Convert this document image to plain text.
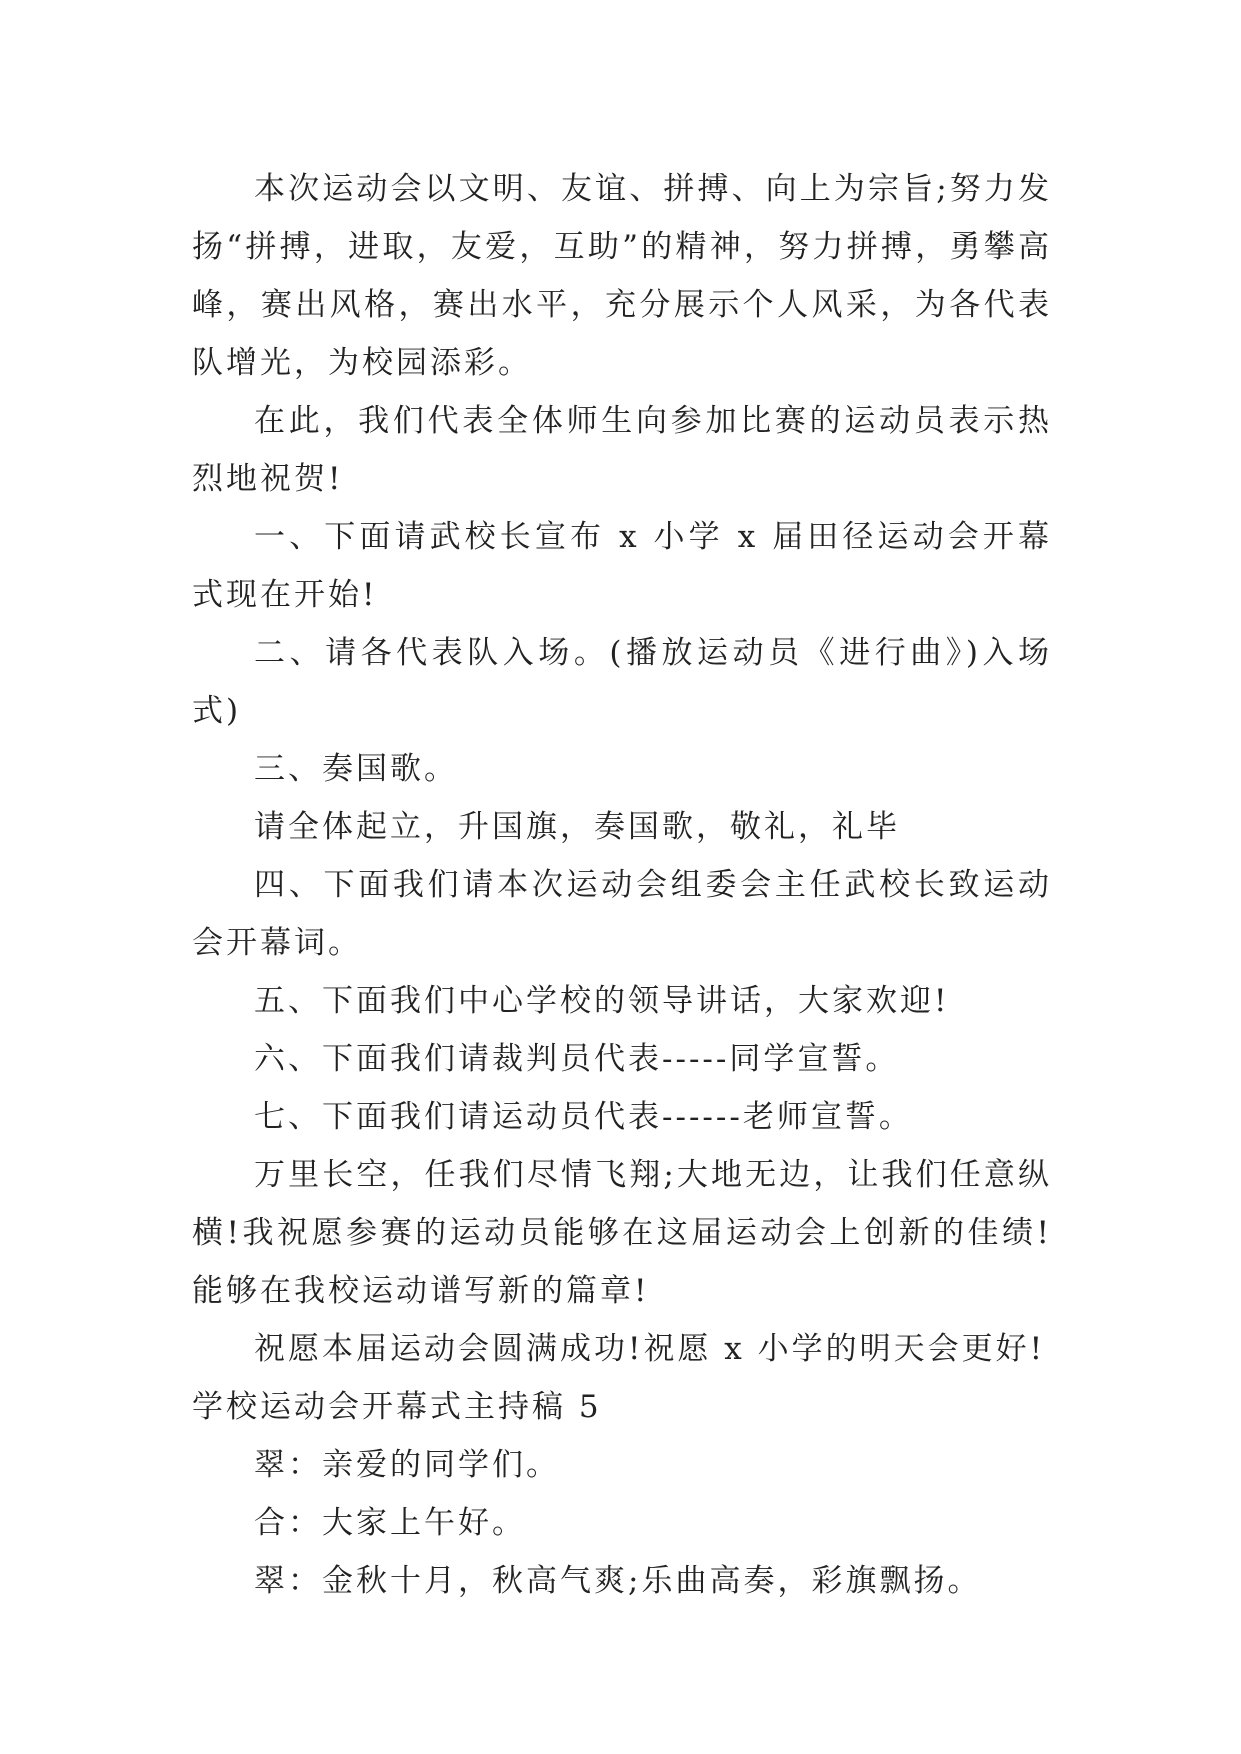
本次运动会以文明、友谊、拼搏、向上为宗旨;努力发扬“拼搏，进取，友爱，互助”的精神，努力拼搏，勇攀高峰，赛出风格，赛出水平，充分展示个人风采，为各代表队增光，为校园添彩。

在此，我们代表全体师生向参加比赛的运动员表示热烈地祝贺!

一、下面请武校长宣布 x 小学 x 届田径运动会开幕式现在开始!

二、请各代表队入场。(播放运动员《进行曲》)入场式)

三、奏国歌。

请全体起立，升国旗，奏国歌，敬礼，礼毕

四、下面我们请本次运动会组委会主任武校长致运动会开幕词。

五、下面我们中心学校的领导讲话，大家欢迎!

六、下面我们请裁判员代表-----同学宣誓。

七、下面我们请运动员代表------老师宣誓。

万里长空，任我们尽情飞翔;大地无边，让我们任意纵横!我祝愿参赛的运动员能够在这届运动会上创新的佳绩!能够在我校运动谱写新的篇章!

祝愿本届运动会圆满成功!祝愿 x 小学的明天会更好!

学校运动会开幕式主持稿 5

翠：亲爱的同学们。

合：大家上午好。

翠：金秋十月，秋高气爽;乐曲高奏，彩旗飘扬。
